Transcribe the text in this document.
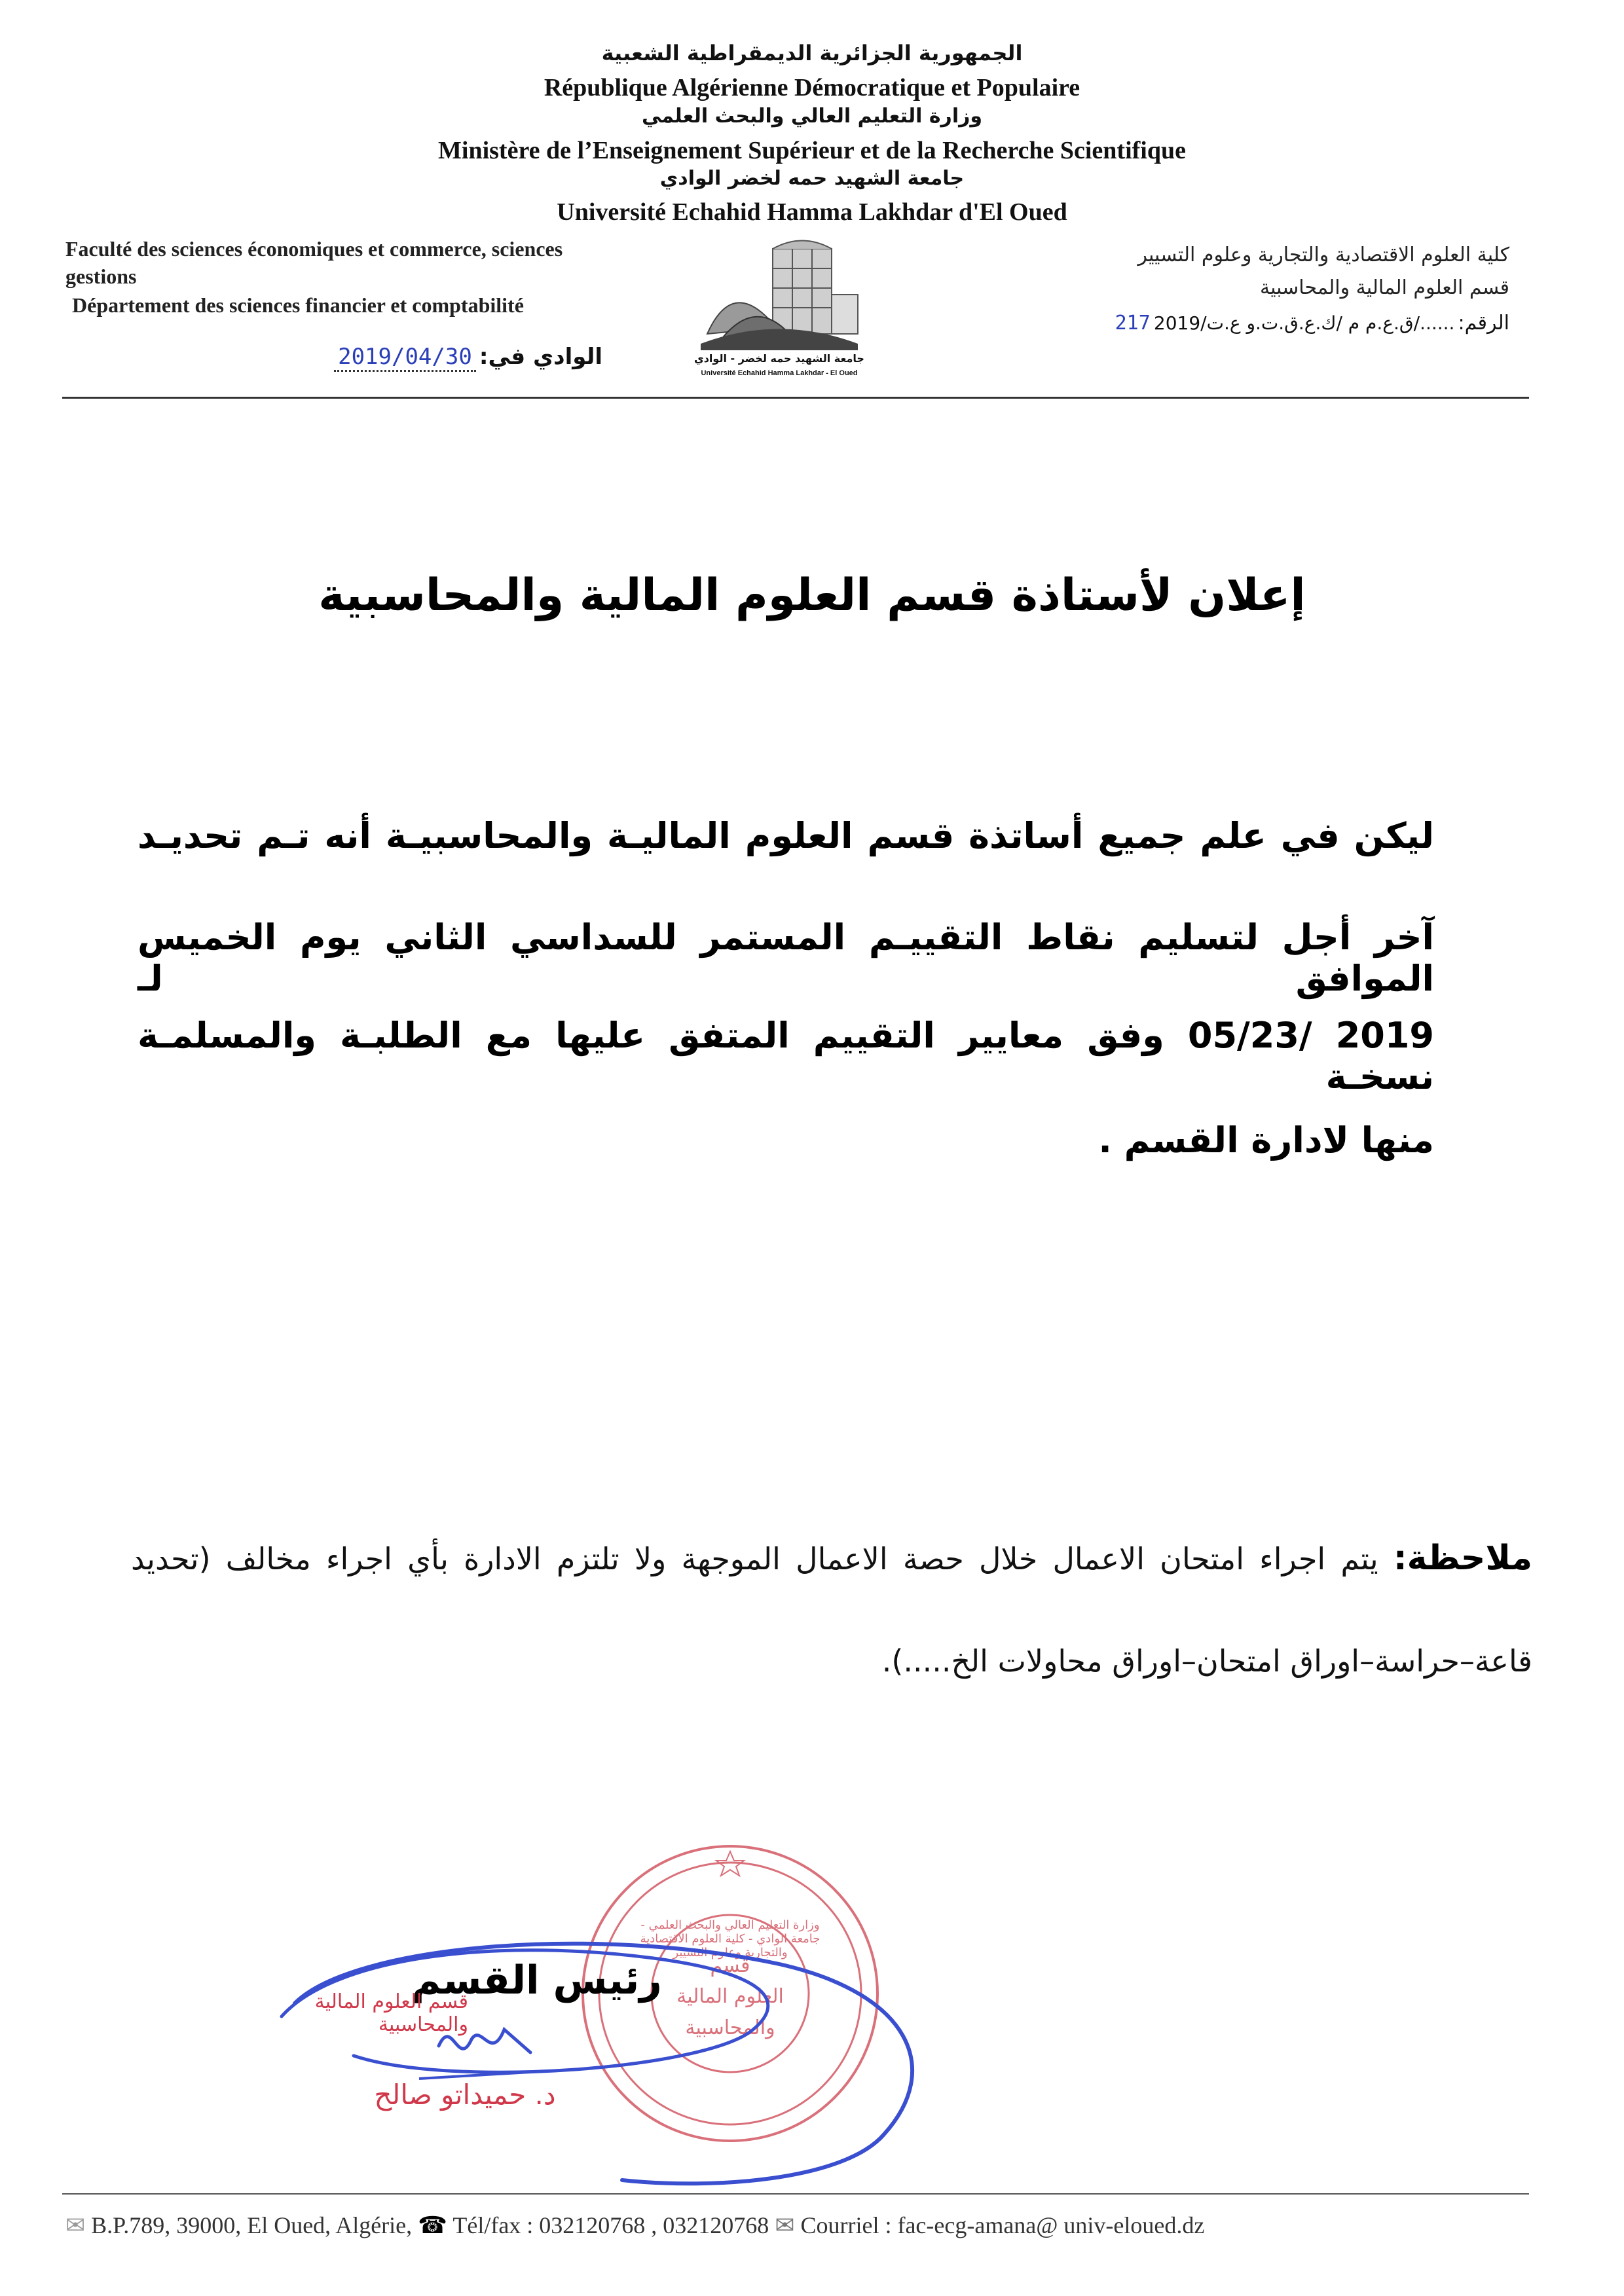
الجمهورية الجزائرية الديمقراطية الشعبية
République Algérienne Démocratique et Populaire
وزارة التعليم العالي والبحث العلمي
Ministère de l’Enseignement Supérieur et de la Recherche Scientifique
جامعة الشهيد حمه لخضر الوادي
Université Echahid Hamma Lakhdar d'El Oued
Faculté des sciences économiques et commerce, sciences
gestions
Département des sciences financier et comptabilité
الوادي في: 2019/04/30	جامعة الشهيد حمه لخضر - الوادي
Université Echahid Hamma Lakhdar - El Oued
كلية العلوم الاقتصادية والتجارية وعلوم التسيير
قسم العلوم المالية والمحاسبية
الرقم: ....../ق.ع.م م /ك.ع.ق.ت.و ع.ت/2019 217
إعلان لأستاذة قسم العلوم المالية والمحاسبية
ليكن في علم جميع أساتذة قسم العلوم الماليـة والمحاسبيـة أنه تـم تحديـد
آخر أجل لتسليم نقاط التقييـم المستمر للسداسي الثاني يوم الخميس الموافق لـ
2019 /05/23 وفق معايير التقييم المتفق عليها مع الطلبـة والمسلمـة نسخـة
منها لادارة القسم .
ملاحظة: يتم اجراء امتحان الاعمال خلال حصة الاعمال الموجهة ولا تلتزم الادارة بأي اجراء مخالف (تحديد
قاعة–حراسة–اوراق امتحان–اوراق محاولات الخ.....).
وزارة التعليم العالي والبحث العلمي - جامعة الوادي - كلية العلوم الاقتصادية والتجارية وعلوم التسيير
قسم
العلوم المالية
والمحاسبية
رئيس القسم
قسم العلوم المالية والمحاسبية
د. حميداتو صالح
✉ B.P.789, 39000, El Oued, Algérie, ☎ Tél/fax : 032120768 , 032120768 ✉ Courriel : fac-ecg-amana@ univ-eloued.dz
